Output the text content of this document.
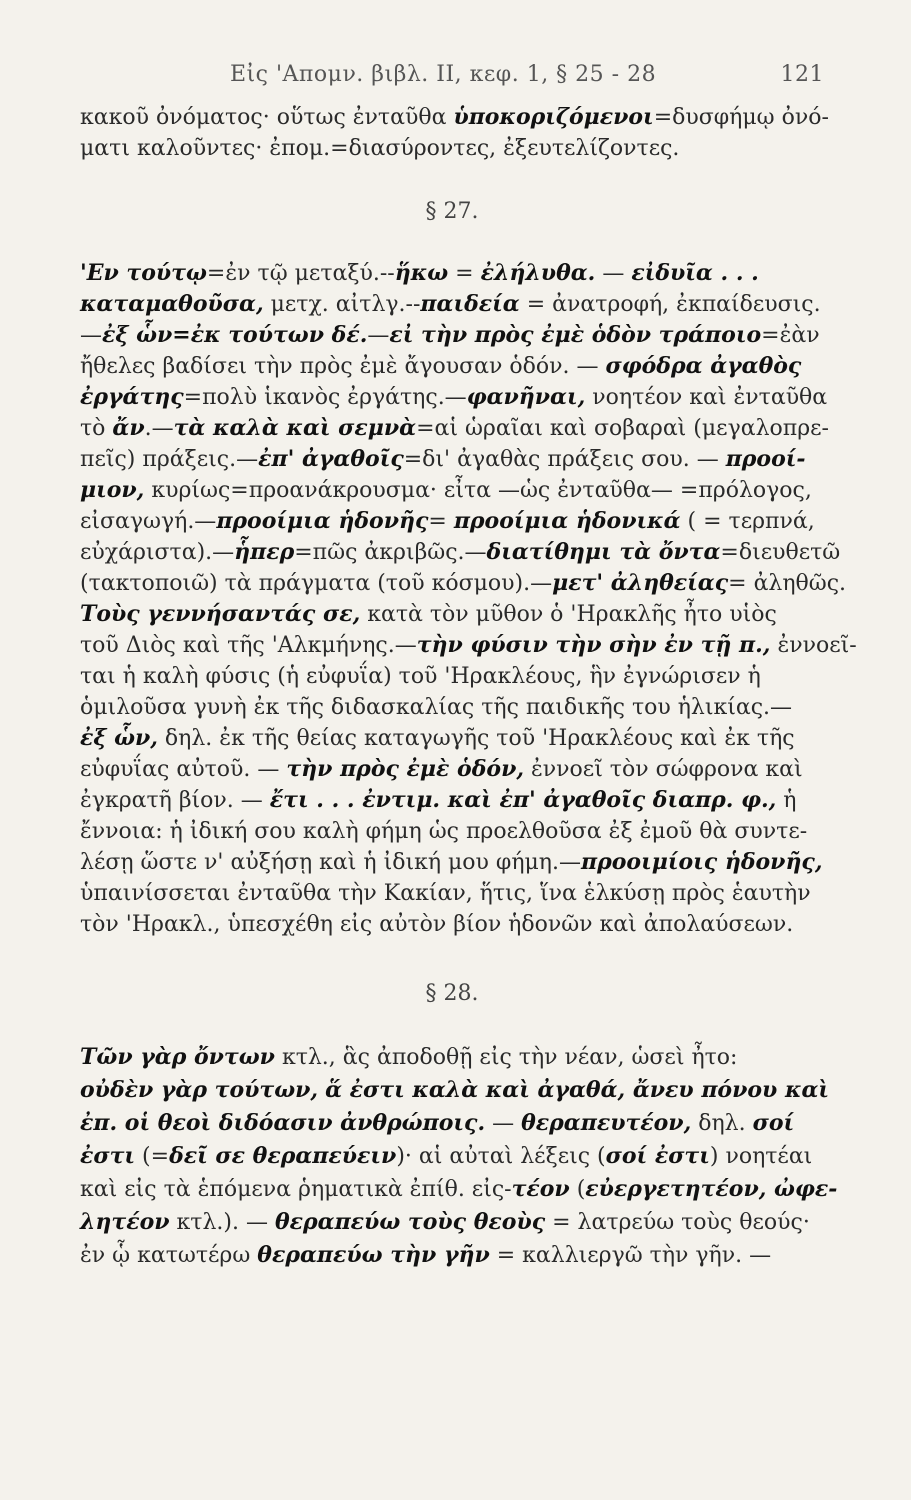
Εἰς 'Απομν. βιβλ. ΙΙ, κεφ. 1, § 25 - 28	121
κακοῦ ὀνόματος· οὕτως ἐνταῦθα ὑποκοριζόμενοι=δυσφήμῳ ὀνό-
ματι καλοῦντες· ἐπομ.=διασύροντες, ἐξευτελίζοντες.
§ 27.
'Εν τούτῳ=ἐν τῷ μεταξύ.--ἥκω = ἐλήλυθα. — εἰδυῖα . . .
καταμαθοῦσα, μετχ. αἰτλγ.--παιδεία = ἀνατροφή, ἐκπαίδευσις.
—ἐξ ὧν=ἐκ τούτων δέ.—εἰ τὴν πρὸς ἐμὲ ὁδὸν τράποιο=ἐὰν
ἤθελες βαδίσει τὴν πρὸς ἐμὲ ἄγουσαν ὁδόν. — σφόδρα ἀγαθὸς
ἐργάτης=πολὺ ἱκανὸς ἐργάτης.—φανῆναι, νοητέον καὶ ἐνταῦθα
τὸ ἄν.—τὰ καλὰ καὶ σεμνὰ=αἱ ὡραῖαι καὶ σοβαραὶ (μεγαλοπρε-
πεῖς) πράξεις.—ἐπ' ἀγαθοῖς=δι' ἀγαθὰς πράξεις σου. — προοί-
μιον, κυρίως=προανάκρουσμα· εἶτα —ὡς ἐνταῦθα— =πρόλογος,
εἰσαγωγή.—προοίμια ἡδονῆς= προοίμια ἡδονικά ( = τερπνά,
εὐχάριστα).—ἧπερ=πῶς ἀκριβῶς.—διατίθημι τὰ ὄντα=διευθετῶ
(τακτοποιῶ) τὰ πράγματα (τοῦ κόσμου).—μετ' ἀληθείας= ἀληθῶς.
Τοὺς γεννήσαντάς σε, κατὰ τὸν μῦθον ὁ 'Ηρακλῆς ἦτο υἱὸς
τοῦ Διὸς καὶ τῆς 'Αλκμήνης.—τὴν φύσιν τὴν σὴν ἐν τῇ π., ἐννοεῖ-
ται ἡ καλὴ φύσις (ἡ εὐφυΐα) τοῦ 'Ηρακλέους, ἣν ἐγνώρισεν ἡ
ὁμιλοῦσα γυνὴ ἐκ τῆς διδασκαλίας τῆς παιδικῆς του ἡλικίας.—
ἐξ ὧν, δηλ. ἐκ τῆς θείας καταγωγῆς τοῦ 'Ηρακλέους καὶ ἐκ τῆς
εὐφυΐας αὐτοῦ. — τὴν πρὸς ἐμὲ ὁδόν, ἐννοεῖ τὸν σώφρονα καὶ
ἐγκρατῆ βίον. — ἔτι . . . ἐντιμ. καὶ ἐπ' ἀγαθοῖς διαπρ. φ., ἡ
ἔννοια: ἡ ἰδική σου καλὴ φήμη ὡς προελθοῦσα ἐξ ἐμοῦ θὰ συντε-
λέσῃ ὥστε ν' αὐξήσῃ καὶ ἡ ἰδική μου φήμη.—προοιμίοις ἡδονῆς,
ὑπαινίσσεται ἐνταῦθα τὴν Κακίαν, ἥτις, ἵνα ἑλκύσῃ πρὸς ἑαυτὴν
τὸν 'Ηρακλ., ὑπεσχέθη εἰς αὐτὸν βίον ἡδονῶν καὶ ἀπολαύσεων.
§ 28.
Τῶν γὰρ ὄντων κτλ., ἃς ἀποδοθῇ εἰς τὴν νέαν, ὡσεὶ ἦτο:
οὐδὲν γὰρ τούτων, ἅ ἐστι καλὰ καὶ ἀγαθά, ἄνευ πόνου καὶ
ἐπ. οἱ θεοὶ διδόασιν ἀνθρώποις. — θεραπευτέον, δηλ. σοί
ἐστι (=δεῖ σε θεραπεύειν)· αἱ αὐταὶ λέξεις (σοί ἐστι) νοητέαι
καὶ εἰς τὰ ἑπόμενα ῥηματικὰ ἐπίθ. εἰς-τέον (εὐεργετητέον, ὠφε-
λητέον κτλ.). — θεραπεύω τοὺς θεοὺς = λατρεύω τοὺς θεούς·
ἐν ᾧ κατωτέρω θεραπεύω τὴν γῆν = καλλιεργῶ τὴν γῆν. —
